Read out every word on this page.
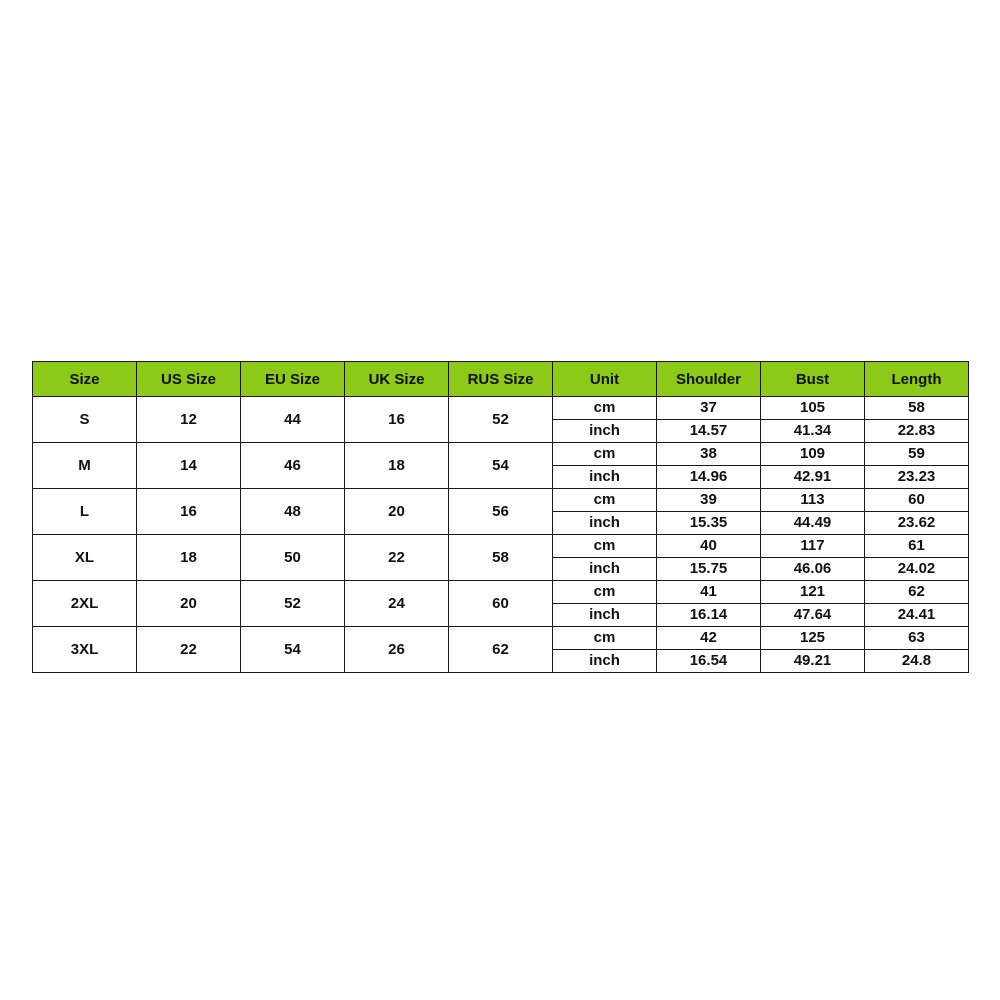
Size	US Size	EU Size	UK Size	RUS Size	Unit	Shoulder	Bust	Length
S	12	44	16	52	cm	37	105	58
					inch	14.57	41.34	22.83
M	14	46	18	54	cm	38	109	59
					inch	14.96	42.91	23.23
L	16	48	20	56	cm	39	113	60
					inch	15.35	44.49	23.62
XL	18	50	22	58	cm	40	117	61
					inch	15.75	46.06	24.02
2XL	20	52	24	60	cm	41	121	62
					inch	16.14	47.64	24.41
3XL	22	54	26	62	cm	42	125	63
					inch	16.54	49.21	24.8
